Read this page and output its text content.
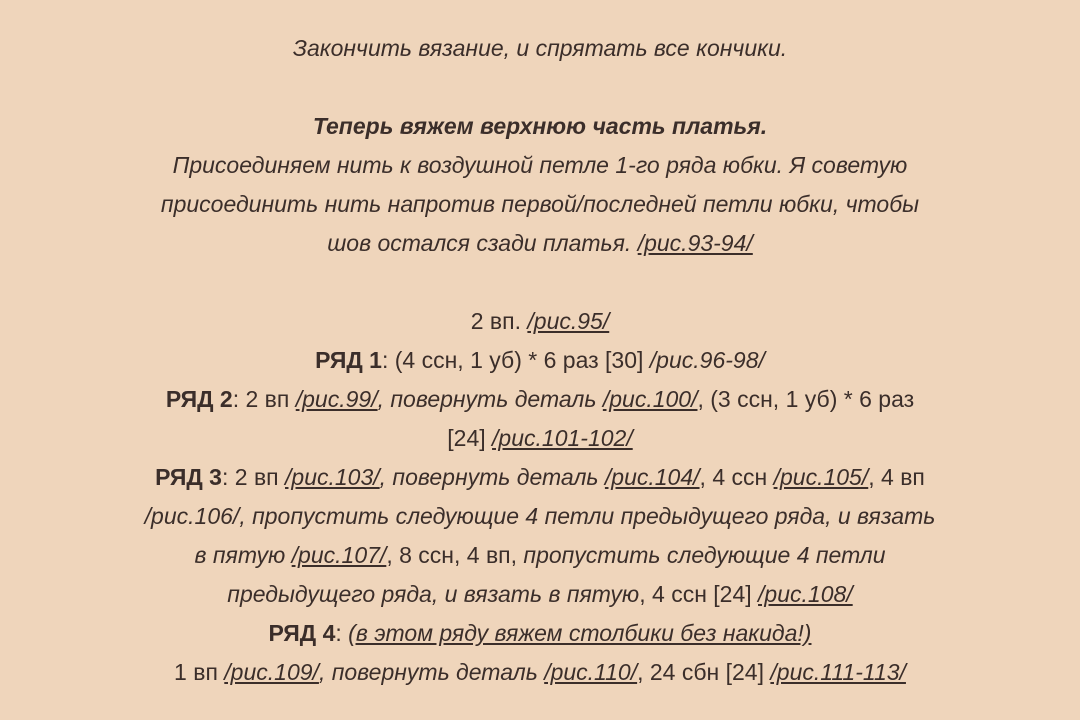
Закончить вязание, и спрятать все кончики.
Теперь вяжем верхнюю часть платья.
Присоединяем нить к воздушной петле 1-го ряда юбки. Я советую
присоединить нить напротив первой/последней петли юбки, чтобы
шов остался сзади платья. /рис.93-94/
2 вп. /рис.95/
РЯД 1: (4 ссн, 1 уб) * 6 раз [30] /рис.96-98/
РЯД 2: 2 вп /рис.99/, повернуть деталь /рис.100/, (3 ссн, 1 уб) * 6 раз
[24] /рис.101-102/
РЯД 3: 2 вп /рис.103/, повернуть деталь /рис.104/, 4 ссн /рис.105/, 4 вп
/рис.106/, пропустить следующие 4 петли предыдущего ряда, и вязать
в пятую /рис.107/, 8 ссн, 4 вп, пропустить следующие 4 петли
предыдущего ряда, и вязать в пятую, 4 ссн [24] /рис.108/
РЯД 4: (в этом ряду вяжем столбики без накида!)
1 вп /рис.109/, повернуть деталь /рис.110/, 24 сбн [24] /рис.111-113/
